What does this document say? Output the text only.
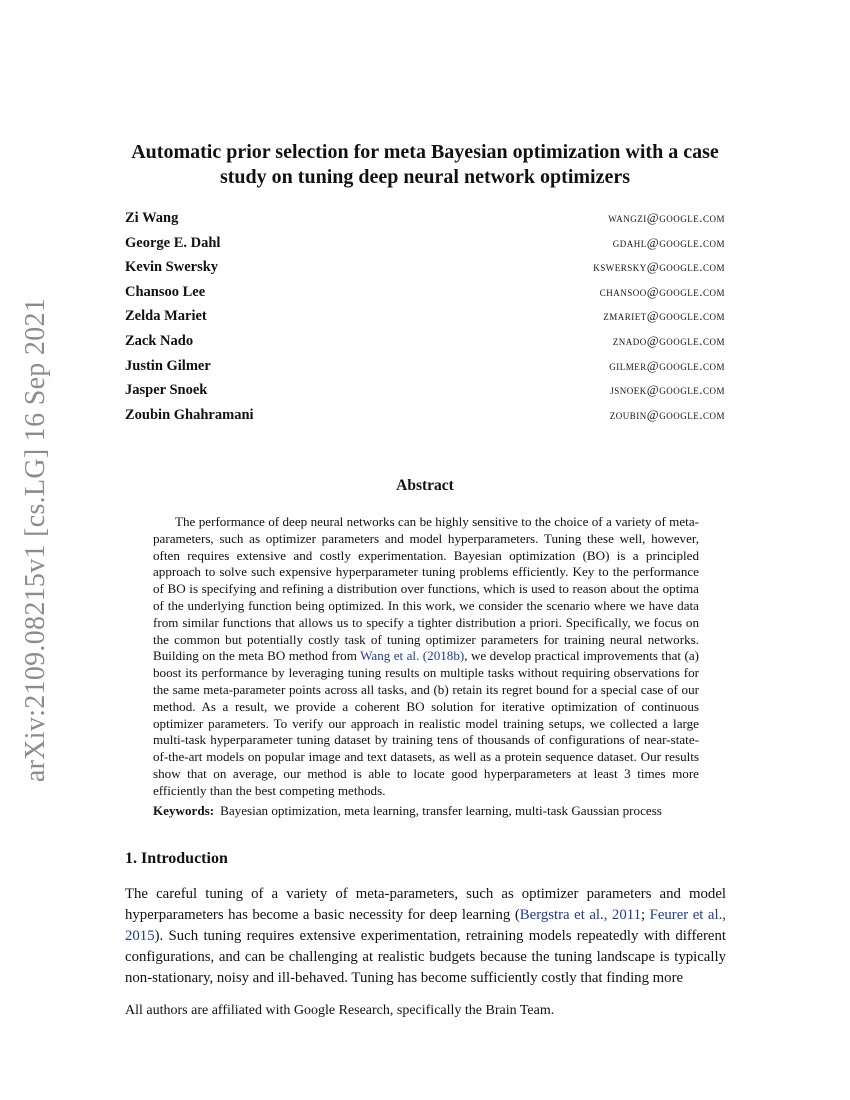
arXiv:2109.08215v1 [cs.LG] 16 Sep 2021
Automatic prior selection for meta Bayesian optimization with a case study on tuning deep neural network optimizers
Zi Wang	wangzi@google.com
George E. Dahl	gdahl@google.com
Kevin Swersky	kswersky@google.com
Chansoo Lee	chansoo@google.com
Zelda Mariet	zmariet@google.com
Zack Nado	znado@google.com
Justin Gilmer	gilmer@google.com
Jasper Snoek	jsnoek@google.com
Zoubin Ghahramani	zoubin@google.com
Abstract

The performance of deep neural networks can be highly sensitive to the choice of a variety of meta-parameters, such as optimizer parameters and model hyperparameters. Tuning these well, however, often requires extensive and costly experimentation. Bayesian optimization (BO) is a principled approach to solve such expensive hyperparameter tuning problems efficiently. Key to the performance of BO is specifying and refining a distribution over functions, which is used to reason about the optima of the underlying function being optimized. In this work, we consider the scenario where we have data from similar functions that allows us to specify a tighter distribution a priori. Specifically, we focus on the common but potentially costly task of tuning optimizer parameters for training neural networks. Building on the meta BO method from Wang et al. (2018b), we develop practical improvements that (a) boost its performance by leveraging tuning results on multiple tasks without requiring observations for the same meta-parameter points across all tasks, and (b) retain its regret bound for a special case of our method. As a result, we provide a coherent BO solution for iterative optimization of continuous optimizer parameters. To verify our approach in realistic model training setups, we collected a large multi-task hyperparameter tuning dataset by training tens of thousands of configurations of near-state-of-the-art models on popular image and text datasets, as well as a protein sequence dataset. Our results show that on average, our method is able to locate good hyperparameters at least 3 times more efficiently than the best competing methods.

Keywords: Bayesian optimization, meta learning, transfer learning, multi-task Gaussian process

1. Introduction

The careful tuning of a variety of meta-parameters, such as optimizer parameters and model hyperparameters has become a basic necessity for deep learning (Bergstra et al., 2011; Feurer et al., 2015). Such tuning requires extensive experimentation, retraining models repeatedly with different configurations, and can be challenging at realistic budgets because the tuning landscape is typically non-stationary, noisy and ill-behaved. Tuning has become sufficiently costly that finding more

All authors are affiliated with Google Research, specifically the Brain Team.
